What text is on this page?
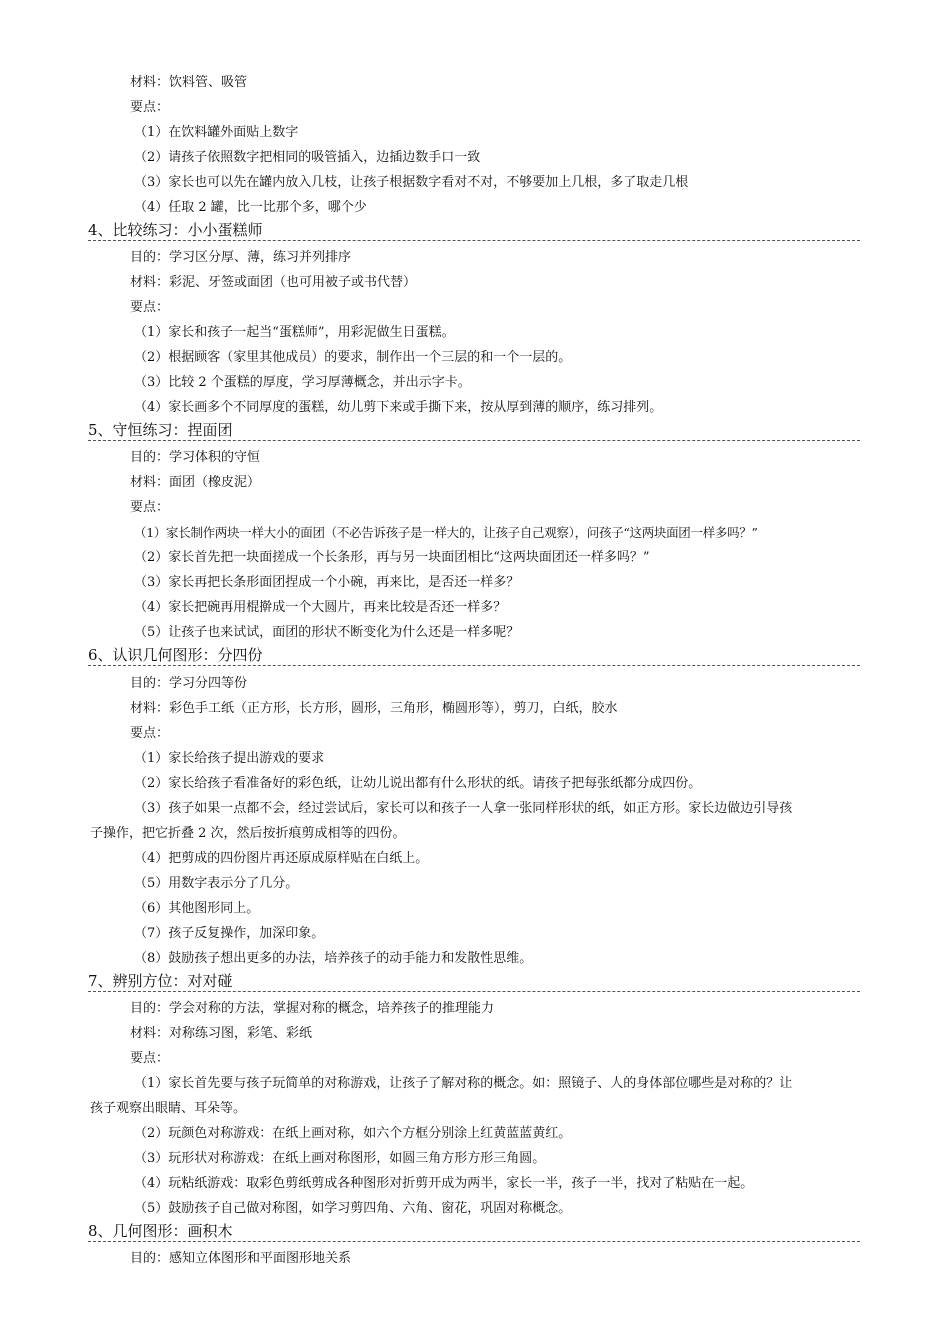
材料：饮料管、吸管
要点：
（1）在饮料罐外面贴上数字
（2）请孩子依照数字把相同的吸管插入，边插边数手口一致
（3）家长也可以先在罐内放入几枝，让孩子根据数字看对不对，不够要加上几根，多了取走几根
（4）任取 2 罐，比一比那个多，哪个少
4、比较练习：小小蛋糕师
目的：学习区分厚、薄，练习并列排序
材料：彩泥、牙签或面团（也可用被子或书代替）
要点：
（1）家长和孩子一起当“蛋糕师”，用彩泥做生日蛋糕。
（2）根据顾客（家里其他成员）的要求，制作出一个三层的和一个一层的。
（3）比较 2 个蛋糕的厚度，学习厚薄概念，并出示字卡。
（4）家长画多个不同厚度的蛋糕，幼儿剪下来或手撕下来，按从厚到薄的顺序，练习排列。
5、守恒练习：捏面团
目的：学习体积的守恒
材料：面团（橡皮泥）
要点：
（1）家长制作两块一样大小的面团（不必告诉孩子是一样大的，让孩子自己观察），问孩子“这两块面团一样多吗？”
（2）家长首先把一块面搓成一个长条形，再与另一块面团相比“这两块面团还一样多吗？”
（3）家长再把长条形面团捏成一个小碗，再来比，是否还一样多？
（4）家长把碗再用棍擀成一个大圆片，再来比较是否还一样多？
（5）让孩子也来试试，面团的形状不断变化为什么还是一样多呢？
6、认识几何图形：分四份
目的：学习分四等份
材料：彩色手工纸（正方形，长方形，圆形，三角形，椭圆形等），剪刀，白纸，胶水
要点：
（1）家长给孩子提出游戏的要求
（2）家长给孩子看准备好的彩色纸，让幼儿说出都有什么形状的纸。请孩子把每张纸都分成四份。
（3）孩子如果一点都不会，经过尝试后，家长可以和孩子一人拿一张同样形状的纸，如正方形。家长边做边引导孩
子操作，把它折叠 2 次，然后按折痕剪成相等的四份。
（4）把剪成的四份图片再还原成原样贴在白纸上。
（5）用数字表示分了几分。
（6）其他图形同上。
（7）孩子反复操作，加深印象。
（8）鼓励孩子想出更多的办法，培养孩子的动手能力和发散性思维。
7、辨别方位：对对碰
目的：学会对称的方法，掌握对称的概念，培养孩子的推理能力
材料：对称练习图，彩笔、彩纸
要点：
（1）家长首先要与孩子玩简单的对称游戏，让孩子了解对称的概念。如：照镜子、人的身体部位哪些是对称的？让
孩子观察出眼睛、耳朵等。
（2）玩颜色对称游戏：在纸上画对称，如六个方框分别涂上红黄蓝蓝黄红。
（3）玩形状对称游戏：在纸上画对称图形，如圆三角方形方形三角圆。
（4）玩粘纸游戏：取彩色剪纸剪成各种图形对折剪开成为两半，家长一半，孩子一半，找对了粘贴在一起。
（5）鼓励孩子自己做对称图，如学习剪四角、六角、窗花，巩固对称概念。
8、几何图形：画积木
目的：感知立体图形和平面图形地关系
